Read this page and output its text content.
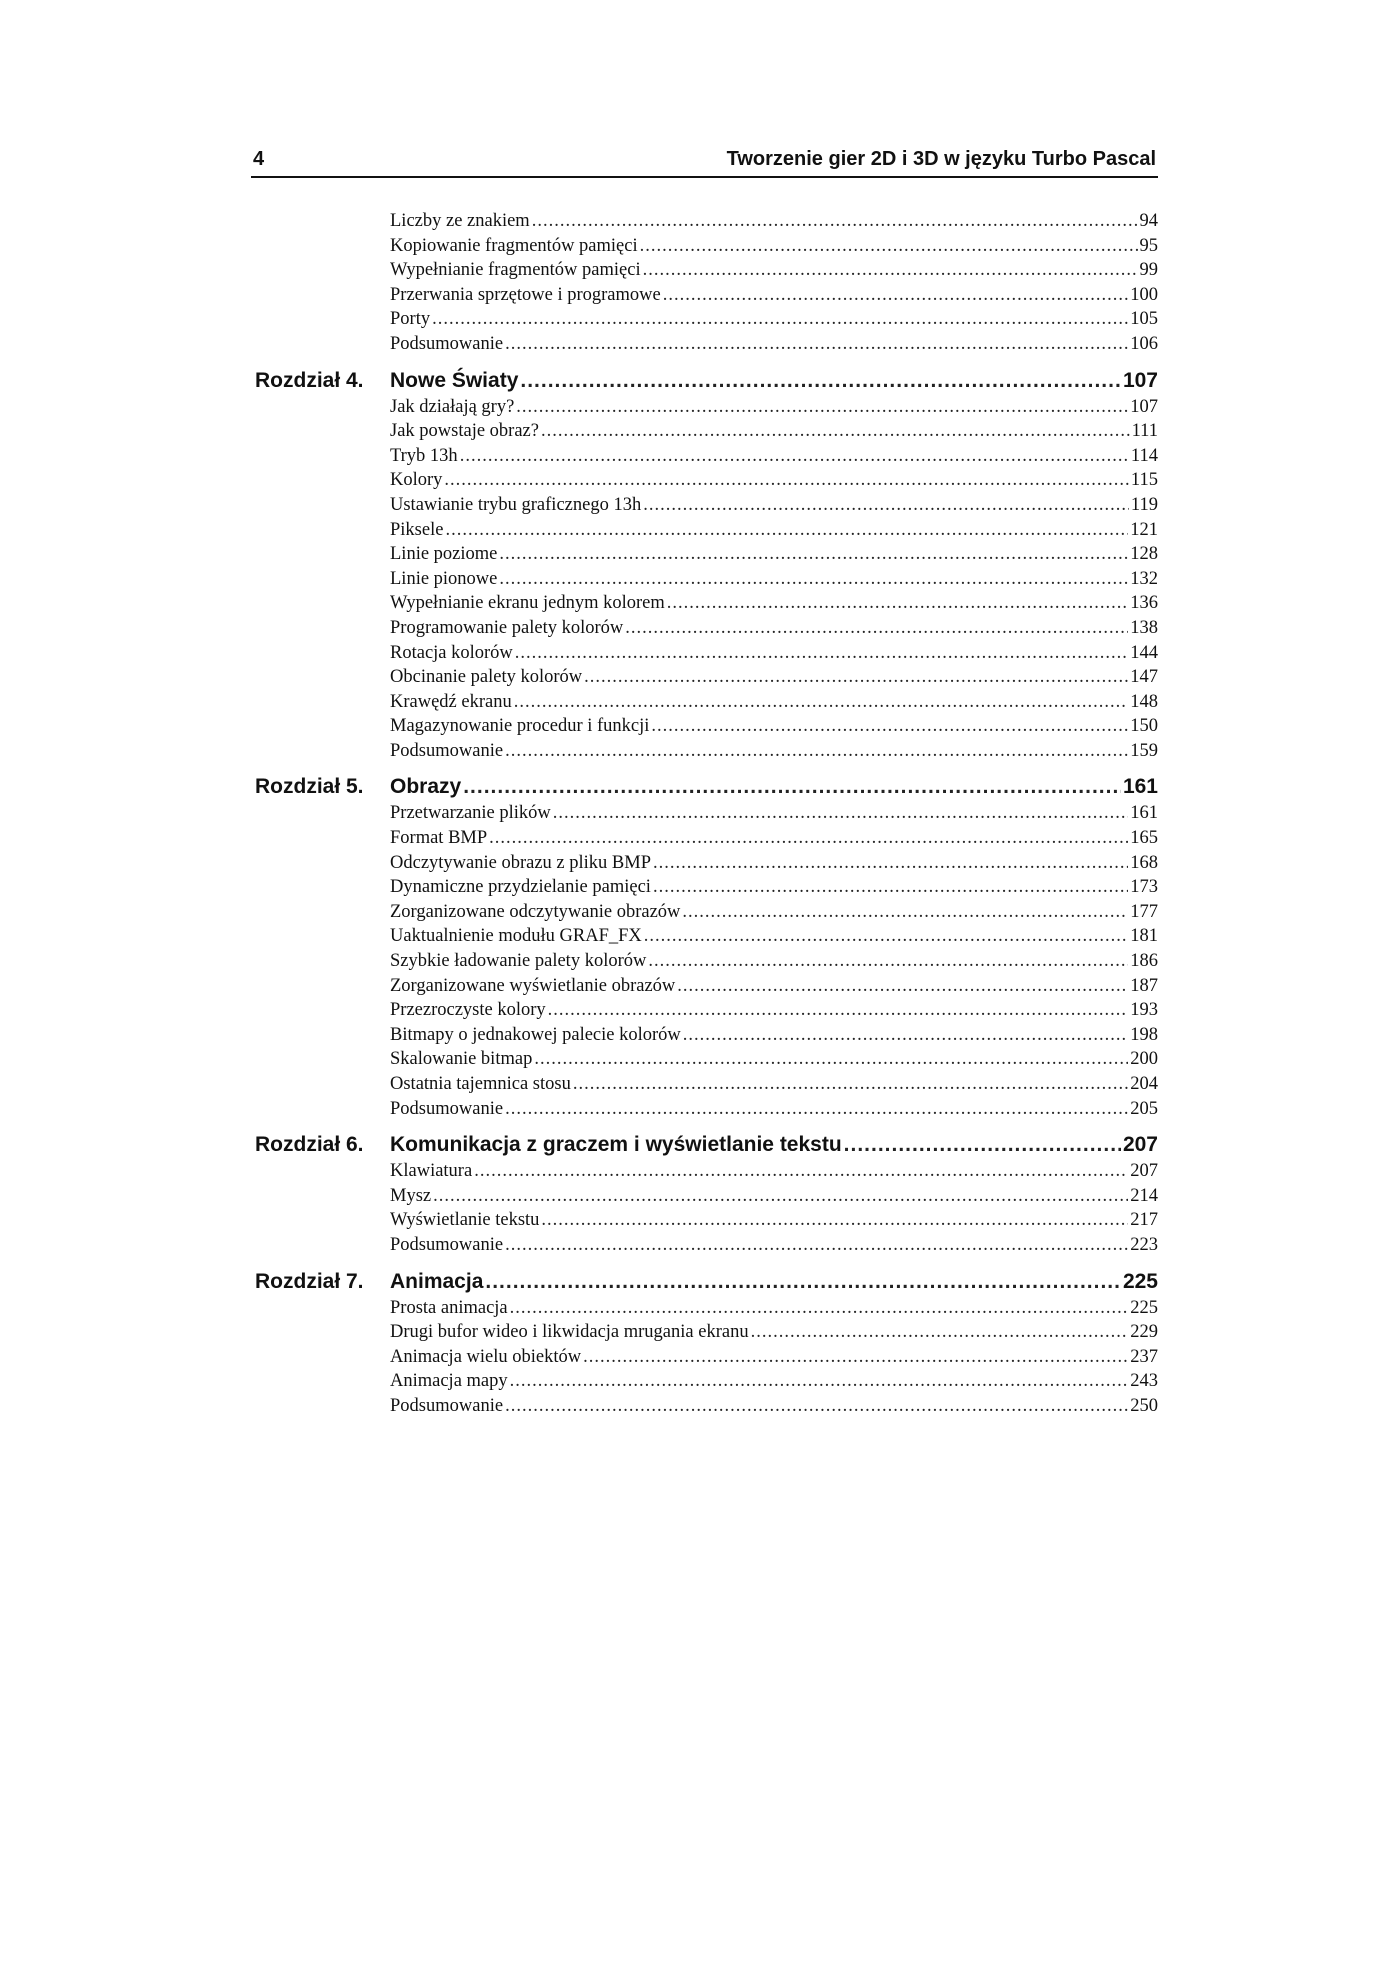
4	Tworzenie gier 2D i 3D w języku Turbo Pascal
Liczby ze znakiem .....	94
Kopiowanie fragmentów pamięci .....	95
Wypełnianie fragmentów pamięci .....	99
Przerwania sprzętowe i programowe .....	100
Porty .....	105
Podsumowanie .....	106
Rozdział 4.	Nowe Światy .....	107
Jak działają gry? .....	107
Jak powstaje obraz? .....	111
Tryb 13h .....	114
Kolory .....	115
Ustawianie trybu graficznego 13h .....	119
Piksele .....	121
Linie poziome .....	128
Linie pionowe .....	132
Wypełnianie ekranu jednym kolorem .....	136
Programowanie palety kolorów .....	138
Rotacja kolorów .....	144
Obcinanie palety kolorów .....	147
Krawędź ekranu .....	148
Magazynowanie procedur i funkcji .....	150
Podsumowanie .....	159
Rozdział 5.	Obrazy .....	161
Przetwarzanie plików .....	161
Format BMP .....	165
Odczytywanie obrazu z pliku BMP .....	168
Dynamiczne przydzielanie pamięci .....	173
Zorganizowane odczytywanie obrazów .....	177
Uaktualnienie modułu GRAF_FX .....	181
Szybkie ładowanie palety kolorów .....	186
Zorganizowane wyświetlanie obrazów .....	187
Przezroczyste kolory .....	193
Bitmapy o jednakowej palecie kolorów .....	198
Skalowanie bitmap .....	200
Ostatnia tajemnica stosu .....	204
Podsumowanie .....	205
Rozdział 6.	Komunikacja z graczem i wyświetlanie tekstu .....	207
Klawiatura .....	207
Mysz .....	214
Wyświetlanie tekstu .....	217
Podsumowanie .....	223
Rozdział 7.	Animacja .....	225
Prosta animacja .....	225
Drugi bufor wideo i likwidacja mrugania ekranu .....	229
Animacja wielu obiektów .....	237
Animacja mapy .....	243
Podsumowanie .....	250
